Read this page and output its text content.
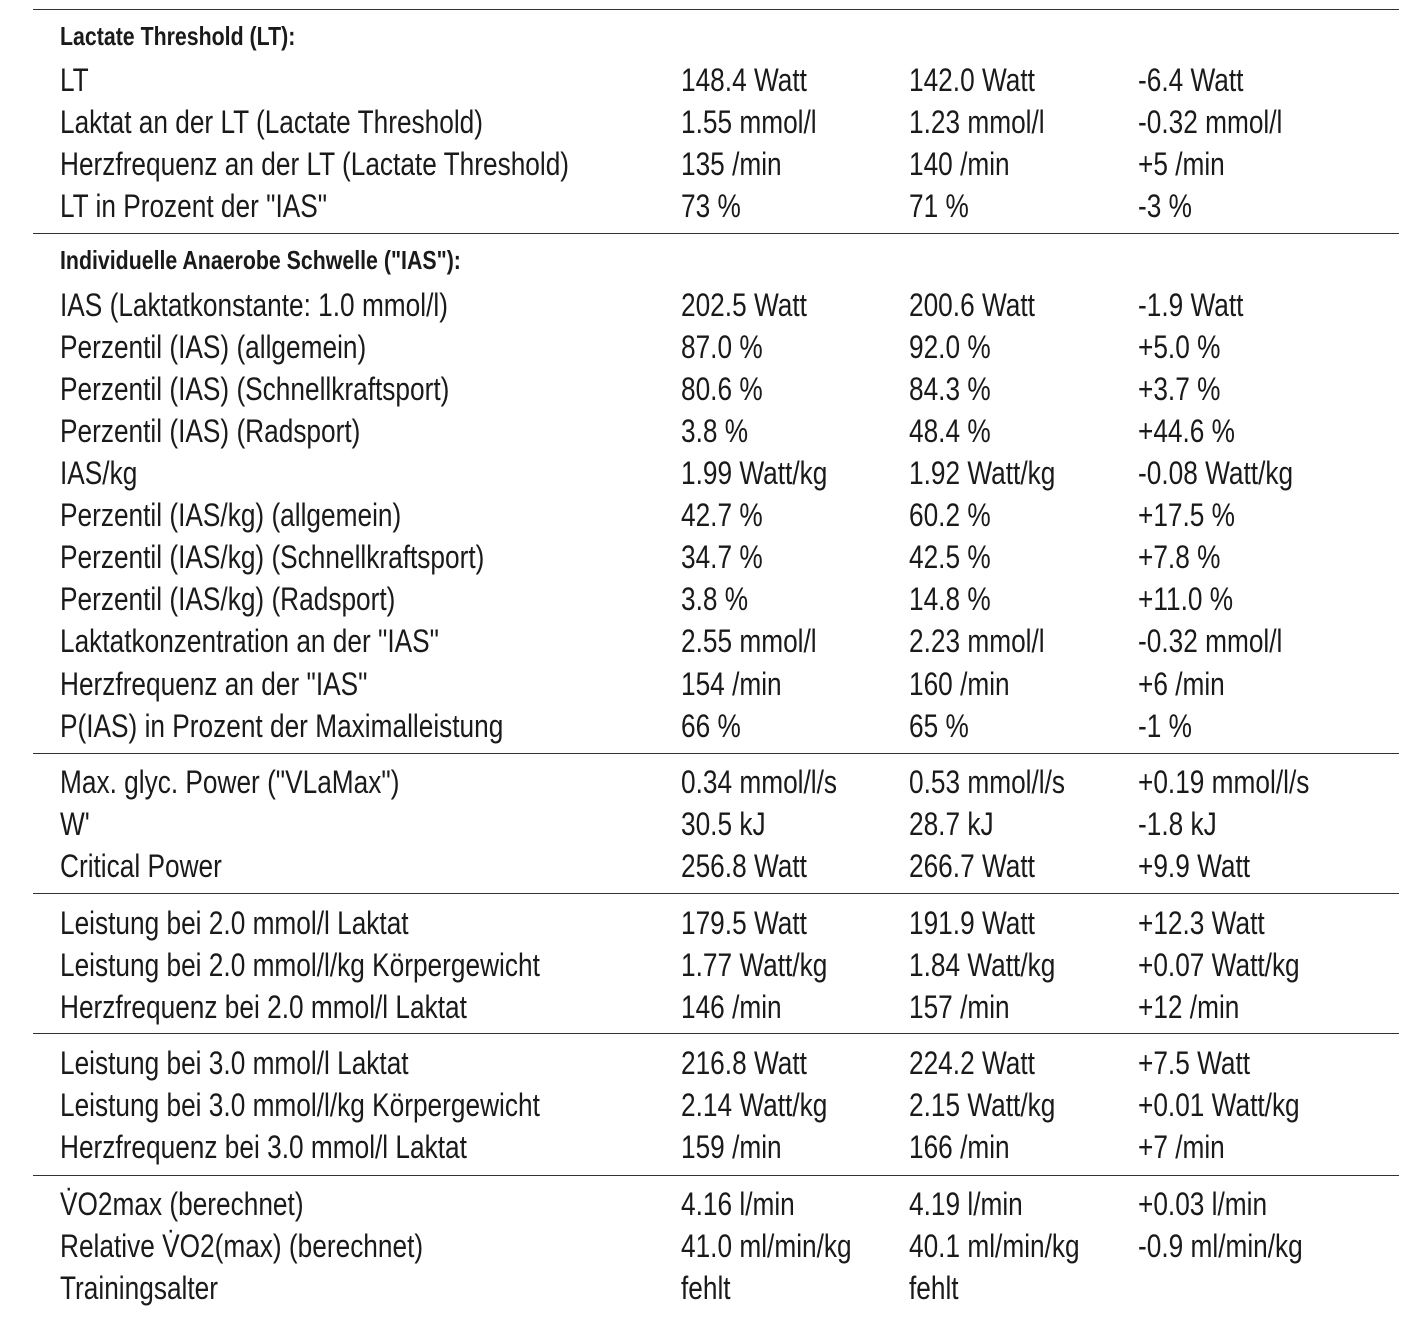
Lactate Threshold (LT):
LT	148.4 Watt	142.0 Watt	-6.4 Watt
Laktat an der LT (Lactate Threshold)	1.55 mmol/l	1.23 mmol/l	-0.32 mmol/l
Herzfrequenz an der LT (Lactate Threshold)	135 /min	140 /min	+5 /min
LT in Prozent der "IAS"	73 %	71 %	-3 %
Individuelle Anaerobe Schwelle ("IAS"):
IAS (Laktatkonstante: 1.0 mmol/l)	202.5 Watt	200.6 Watt	-1.9 Watt
Perzentil (IAS) (allgemein)	87.0 %	92.0 %	+5.0 %
Perzentil (IAS) (Schnellkraftsport)	80.6 %	84.3 %	+3.7 %
Perzentil (IAS) (Radsport)	3.8 %	48.4 %	+44.6 %
IAS/kg	1.99 Watt/kg	1.92 Watt/kg	-0.08 Watt/kg
Perzentil (IAS/kg) (allgemein)	42.7 %	60.2 %	+17.5 %
Perzentil (IAS/kg) (Schnellkraftsport)	34.7 %	42.5 %	+7.8 %
Perzentil (IAS/kg) (Radsport)	3.8 %	14.8 %	+11.0 %
Laktatkonzentration an der "IAS"	2.55 mmol/l	2.23 mmol/l	-0.32 mmol/l
Herzfrequenz an der "IAS"	154 /min	160 /min	+6 /min
P(IAS) in Prozent der Maximalleistung	66 %	65 %	-1 %
Max. glyc. Power ("VLaMax")	0.34 mmol/l/s 0.53 mmol/l/s +0.19 mmol/l/s
W'	30.5 kJ	28.7 kJ	-1.8 kJ
Critical Power	256.8 Watt	266.7 Watt	+9.9 Watt
Leistung bei 2.0 mmol/l Laktat	179.5 Watt	191.9 Watt	+12.3 Watt
Leistung bei 2.0 mmol/l/kg Körpergewicht	1.77 Watt/kg	1.84 Watt/kg	+0.07 Watt/kg
Herzfrequenz bei 2.0 mmol/l Laktat	146 /min	157 /min	+12 /min
Leistung bei 3.0 mmol/l Laktat	216.8 Watt	224.2 Watt	+7.5 Watt
Leistung bei 3.0 mmol/l/kg Körpergewicht	2.14 Watt/kg	2.15 Watt/kg	+0.01 Watt/kg
Herzfrequenz bei 3.0 mmol/l Laktat	159 /min	166 /min	+7 /min
V̇O2max (berechnet)	4.16 l/min	4.19 l/min	+0.03 l/min
Relative V̇O2(max) (berechnet)	41.0 ml/min/kg 40.1 ml/min/kg -0.9 ml/min/kg
Trainingsalter	fehlt	fehlt
